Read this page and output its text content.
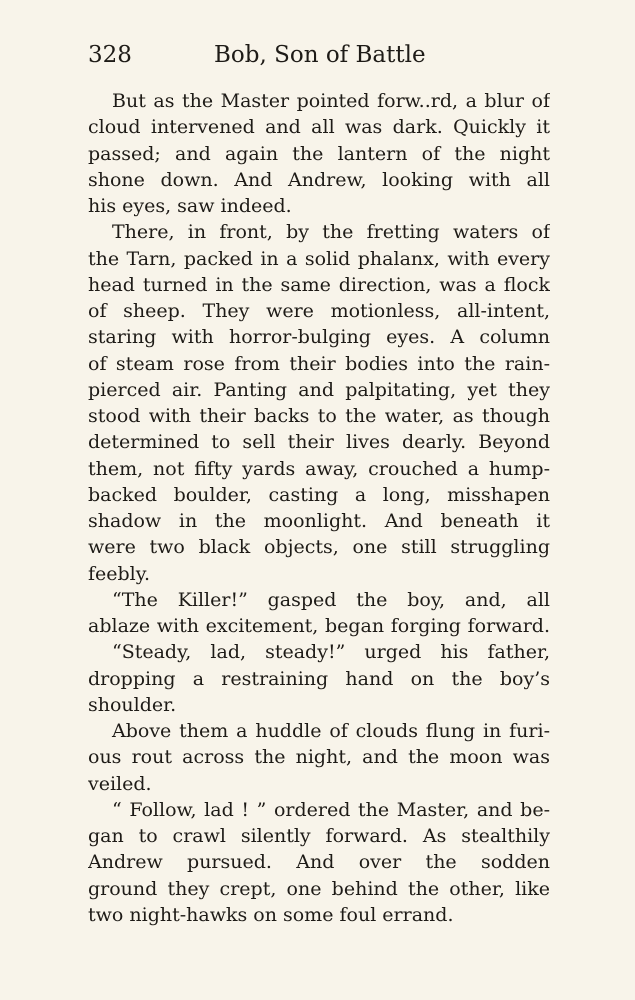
328	Bob, Son of Battle
But as the Master pointed forw..rd, a blur of
cloud intervened and all was dark. Quickly it
passed; and again the lantern of the night
shone down. And Andrew, looking with all
his eyes, saw indeed.
There, in front, by the fretting waters of
the Tarn, packed in a solid phalanx, with every
head turned in the same direction, was a flock
of sheep. They were motionless, all-intent,
staring with horror-bulging eyes. A column
of steam rose from their bodies into the rain-
pierced air. Panting and palpitating, yet they
stood with their backs to the water, as though
determined to sell their lives dearly. Beyond
them, not fifty yards away, crouched a hump-
backed boulder, casting a long, misshapen
shadow in the moonlight. And beneath it
were two black objects, one still struggling
feebly.
“The Killer!” gasped the boy, and, all
ablaze with excitement, began forging forward.
“Steady, lad, steady!” urged his father,
dropping a restraining hand on the boy’s
shoulder.
Above them a huddle of clouds flung in furi-
ous rout across the night, and the moon was
veiled.
“ Follow, lad ! ” ordered the Master, and be-
gan to crawl silently forward. As stealthily
Andrew pursued. And over the sodden
ground they crept, one behind the other, like
two night-hawks on some foul errand.
